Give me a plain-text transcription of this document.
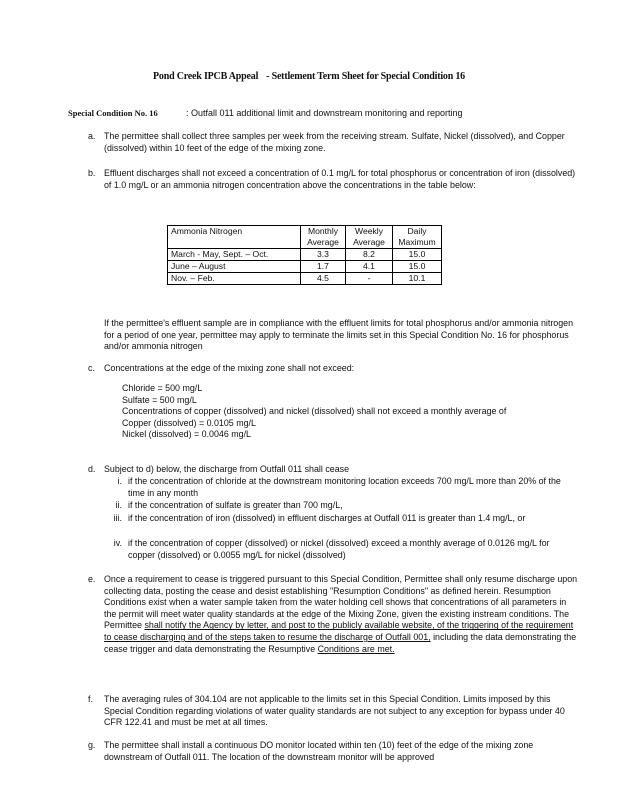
Pond Creek IPCB Appeal - Settlement Term Sheet for Special Condition 16
Special Condition No. 16	: Outfall 011 additional limit and downstream monitoring and reporting
a. The permittee shall collect three samples per week from the receiving stream. Sulfate, Nickel (dissolved), and Copper (dissolved) within 10 feet of the edge of the mixing zone.
b. Effluent discharges shall not exceed a concentration of 0.1 mg/L for total phosphorus or concentration of iron (dissolved) of 1.0 mg/L or an ammonia nitrogen concentration above the concentrations in the table below:
Ammonia Nitrogen	Monthly	Weekly	Daily
	Average	Average	Maximum
March - May, Sept. – Oct.	3.3	8.2	15.0
June – August	1.7	4.1	15.0
Nov. – Feb.	4.5	-	10.1
If the permittee's effluent sample are in compliance with the effluent limits for total phosphorus and/or ammonia nitrogen for a period of one year, permittee may apply to terminate the limits set in this Special Condition No. 16 for phosphorus and/or ammonia nitrogen
c. Concentrations at the edge of the mixing zone shall not exceed:
Chloride = 500 mg/L
Sulfate = 500 mg/L
Concentrations of copper (dissolved) and nickel (dissolved) shall not exceed a monthly average of
Copper (dissolved) = 0.0105 mg/L
Nickel (dissolved) = 0.0046 mg/L
d. Subject to d) below, the discharge from Outfall 011 shall cease
i. if the concentration of chloride at the downstream monitoring location exceeds 700 mg/L more than 20% of the time in any month
ii. if the concentration of sulfate is greater than 700 mg/L,
iii. if the concentration of iron (dissolved) in effluent discharges at Outfall 011 is greater than 1.4 mg/L, or
iv. if the concentration of copper (dissolved) or nickel (dissolved) exceed a monthly average of 0.0126 mg/L for copper (dissolved) or 0.0055 mg/L for nickel (dissolved)
e. Once a requirement to cease is triggered pursuant to this Special Condition, Permittee shall only resume discharge upon collecting data, posting the cease and desist establishing "Resumption Conditions" as defined herein. Resumption Conditions exist when a water sample taken from the water holding cell shows that concentrations of all parameters in the permit will meet water quality standards at the edge of the Mixing Zone, given the existing instream conditions. The Permittee shall notify the Agency by letter, and post to the publicly available website, of the triggering of the requirement to cease discharging and of the steps taken to resume the discharge of Outfall 001, including the data demonstrating the cease trigger and data demonstrating the Resumptive Conditions are met.
f. The averaging rules of 304.104 are not applicable to the limits set in this Special Condition. Limits imposed by this Special Condition regarding violations of water quality standards are not subject to any exception for bypass under 40 CFR 122.41 and must be met at all times.
g. The permittee shall install a continuous DO monitor located within ten (10) feet of the edge of the mixing zone downstream of Outfall 011. The location of the downstream monitor will be approved
